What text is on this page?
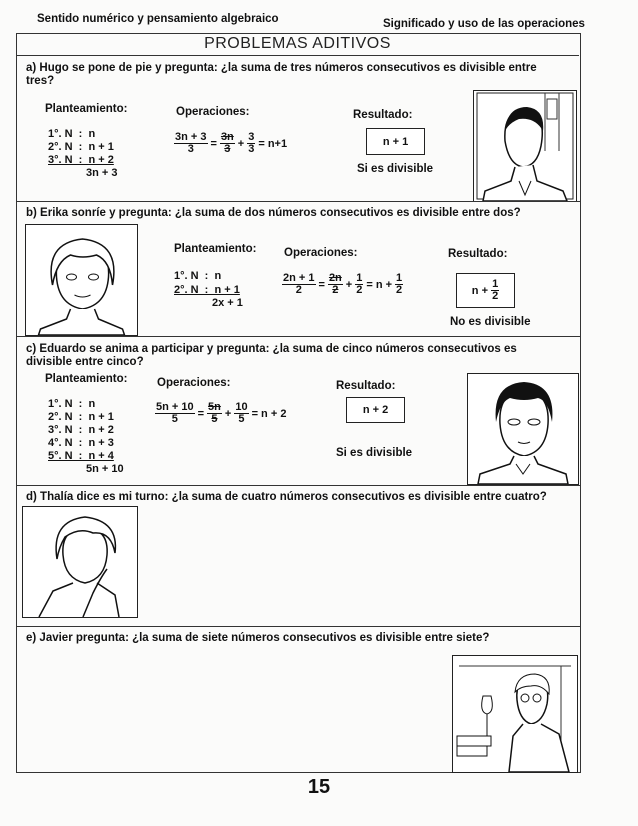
Sentido numérico y pensamiento algebraico	Significado y uso de las operaciones
PROBLEMAS ADITIVOS
a) Hugo se pone de pie y pregunta: ¿la suma de tres números consecutivos es divisible entre tres?
Planteamiento:	Operaciones:	Resultado:
1°. N  :  n
2°. N  :  n + 1
3°. N  :  n + 2
3n + 3
$\frac{3n + 3}{3} = \frac{3n}{3} + \frac{3}{3} = n+1$	n + 1
Si es divisible
b) Erika sonríe y pregunta: ¿la suma de dos números consecutivos es divisible entre dos?
Planteamiento: Operaciones:	Resultado:
1°. N  :  n
2°. N  :  n + 1
2x + 1
$\frac{2n + 1}{2} = \frac{2n}{2} + \frac{1}{2} = n + \frac{1}{2}$	n +
$\frac{1}{2}$
No es divisible
c) Eduardo se anima a participar y pregunta: ¿la suma de cinco números consecutivos es divisible entre cinco?
Planteamiento:	Operaciones:	Resultado:
1°. N  :  n
2°. N  :  n + 1
3°. N  :  n + 2
4°. N  :  n + 3
5°. N  :  n + 4
5n + 10
$\frac{5n + 10}{5} = \frac{5n}{5} + \frac{10}{5} = n + 2$	n + 2
Si es divisible
d) Thalía dice es mi turno: ¿la suma de cuatro números consecutivos es divisible entre cuatro?
e) Javier pregunta: ¿la suma de siete números consecutivos es divisible entre siete?
15
